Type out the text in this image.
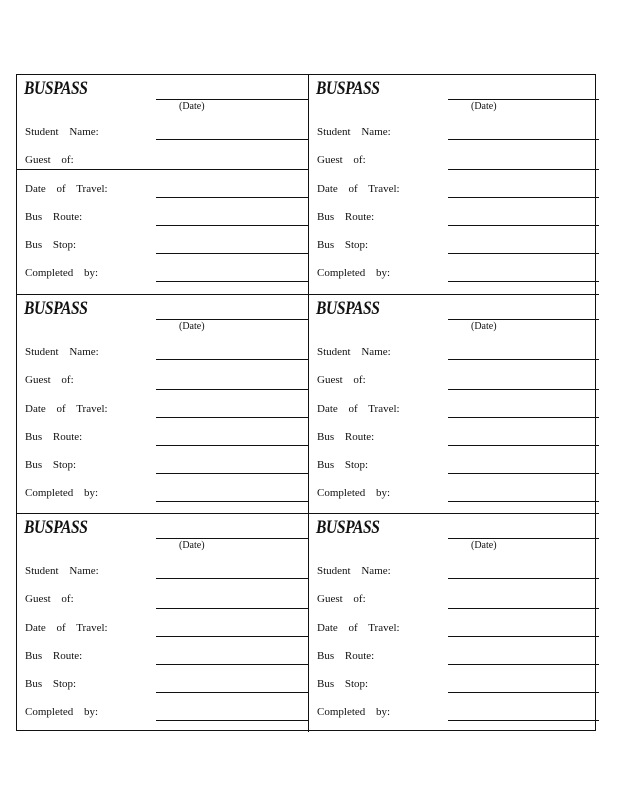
BUSPASS
(Date)
Student Name:
Guest of:
Date of Travel:
Bus Route:
Bus Stop:
Completed by:
BUSPASS
(Date)
Student Name:
Guest of:
Date of Travel:
Bus Route:
Bus Stop:
Completed by:
BUSPASS
(Date)
Student Name:
Guest of:
Date of Travel:
Bus Route:
Bus Stop:
Completed by:
BUSPASS
(Date)
Student Name:
Guest of:
Date of Travel:
Bus Route:
Bus Stop:
Completed by:
BUSPASS
(Date)
Student Name:
Guest of:
Date of Travel:
Bus Route:
Bus Stop:
Completed by:
BUSPASS
(Date)
Student Name:
Guest of:
Date of Travel:
Bus Route:
Bus Stop:
Completed by:
